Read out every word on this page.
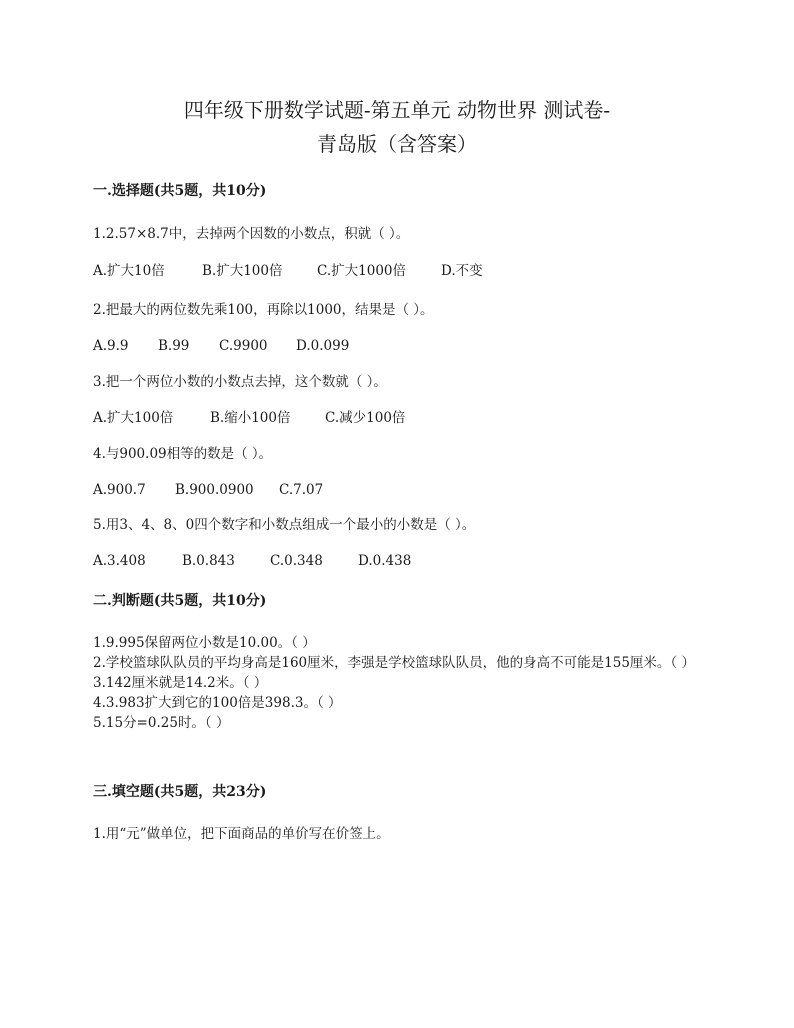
四年级下册数学试题-第五单元 动物世界 测试卷-
青岛版（含答案）
一.选择题(共5题，共10分)
1.2.57×8.7中，去掉两个因数的小数点，积就（ ）。
A.扩大10倍	B.扩大100倍	C.扩大1000倍	D.不变
2.把最大的两位数先乘100，再除以1000，结果是（ ）。
A.9.9	B.99	C.9900	D.0.099
3.把一个两位小数的小数点去掉，这个数就（ ）。
A.扩大100倍	B.缩小100倍	C.减少100倍
4.与900.09相等的数是（ ）。
A.900.7	B.900.0900	C.7.07
5.用3、4、8、0四个数字和小数点组成一个最小的小数是（ ）。
A.3.408	B.0.843	C.0.348	D.0.438
二.判断题(共5题，共10分)
1.9.995保留两位小数是10.00。（ ）
2.学校篮球队队员的平均身高是160厘米，李强是学校篮球队队员，他的身高不可能是155厘米。（ ）
3.142厘米就是14.2米。（ ）
4.3.983扩大到它的100倍是398.3。（ ）
5.15分=0.25时。（ ）
三.填空题(共5题，共23分)
1.用“元”做单位，把下面商品的单价写在价签上。
